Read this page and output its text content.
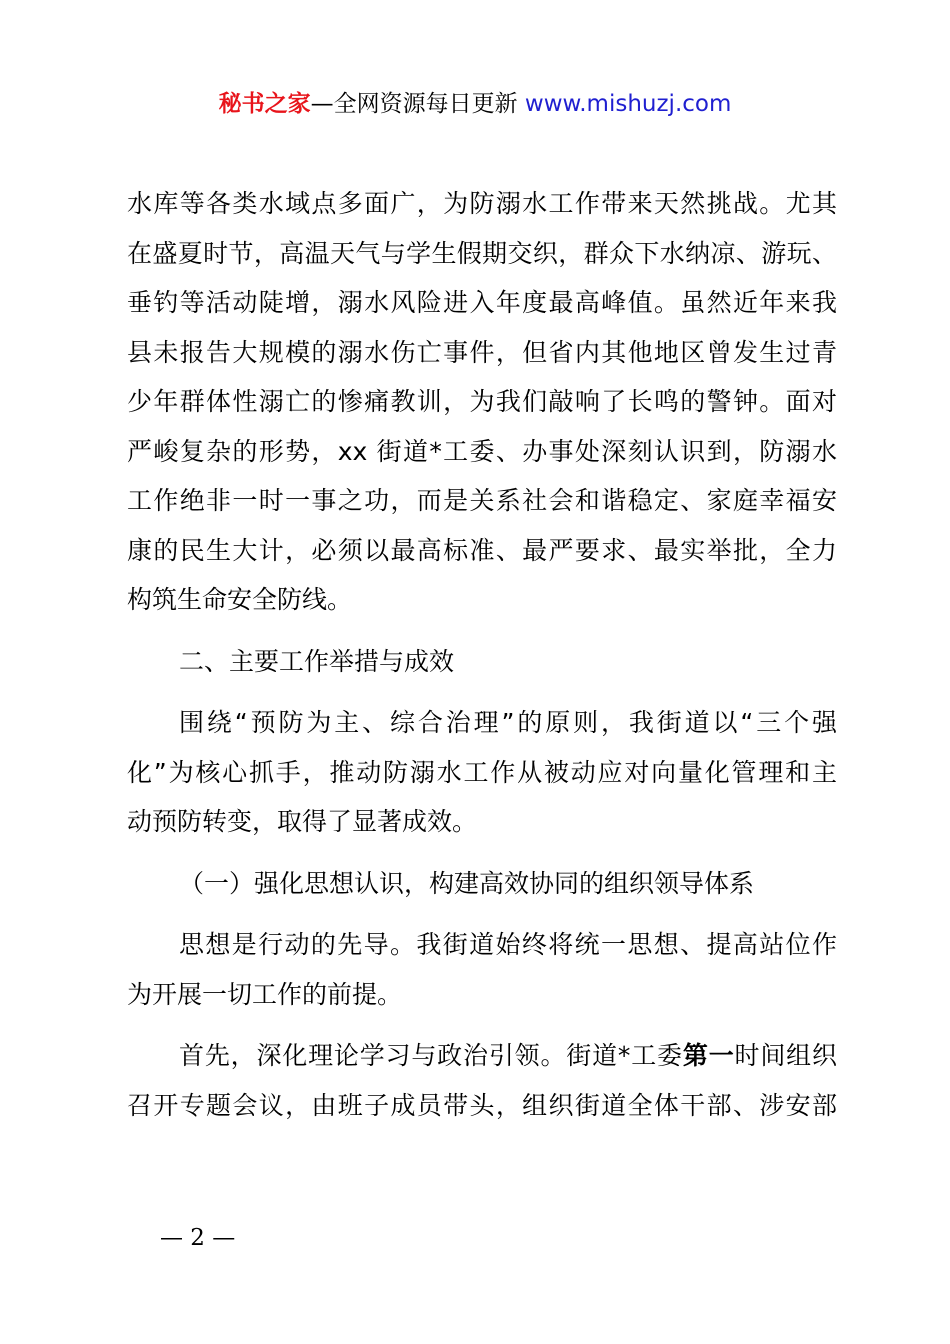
秘书之家—全网资源每日更新 www.mishuzj.com
水库等各类水域点多面广，为防溺水工作带来天然挑战。尤其
在盛夏时节，高温天气与学生假期交织，群众下水纳凉、游玩、
垂钓等活动陡增，溺水风险进入年度最高峰值。虽然近年来我
县未报告大规模的溺水伤亡事件，但省内其他地区曾发生过青
少年群体性溺亡的惨痛教训，为我们敲响了长鸣的警钟。面对
严峻复杂的形势，xx 街道*工委、办事处深刻认识到，防溺水
工作绝非一时一事之功，而是关系社会和谐稳定、家庭幸福安
康的民生大计，必须以最高标准、最严要求、最实举批，全力
构筑生命安全防线。
二、主要工作举措与成效
围绕“预防为主、综合治理”的原则，我街道以“三个强
化”为核心抓手，推动防溺水工作从被动应对向量化管理和主
动预防转变，取得了显著成效。
（一）强化思想认识，构建高效协同的组织领导体系
思想是行动的先导。我街道始终将统一思想、提高站位作
为开展一切工作的前提。
首先，深化理论学习与政治引领。街道*工委第一时间组织
召开专题会议，由班子成员带头，组织街道全体干部、涉安部
— 2 —
